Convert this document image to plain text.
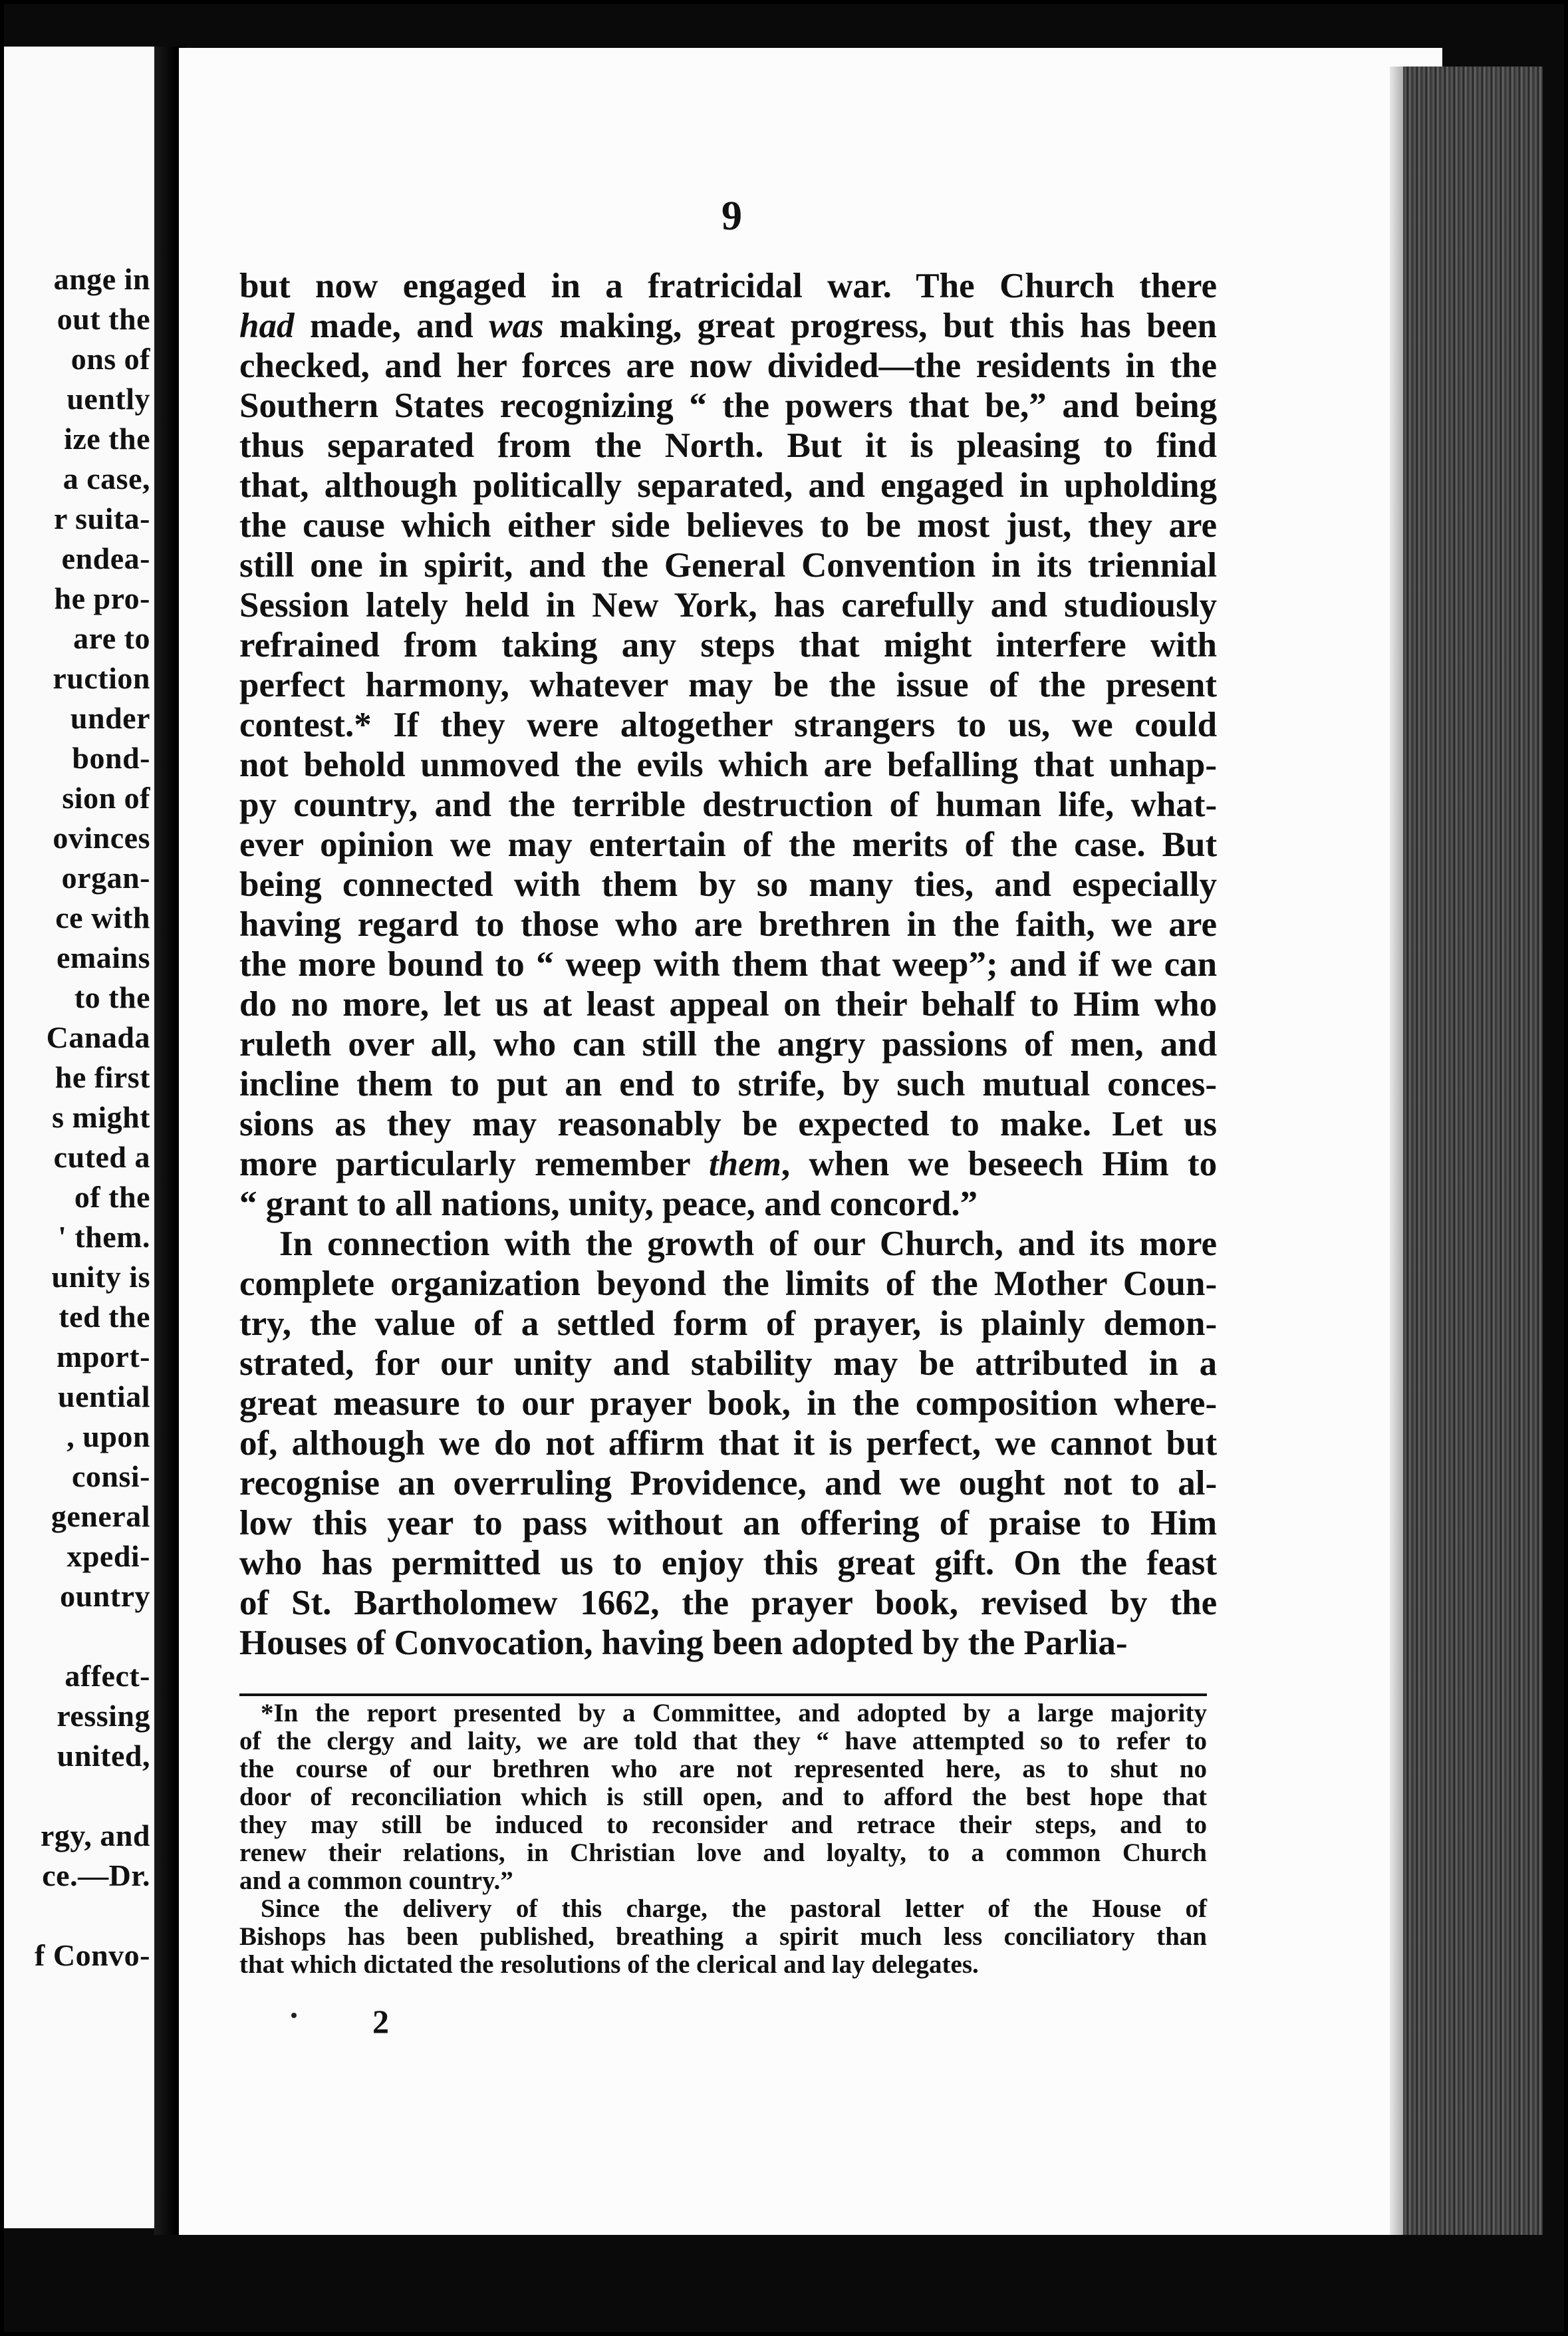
ange in
out the
ons of
uently
ize the
a case,
r suita-
endea-
he pro-
are to
ruction
under
bond-
sion of
ovinces
organ-
ce with
emains
to the
Canada
he first
s might
cuted a
of the
' them.
unity is
ted the
mport-
uential
, upon
consi-
general
xpedi-
ountry
affect-
ressing
united,
rgy, and
ce.—Dr.
f Convo-
9
but now engaged in a fratricidal war. The Church there
had made, and was making, great progress, but this has been
checked, and her forces are now divided—the residents in the
Southern States recognizing “ the powers that be,” and being
thus separated from the North. But it is pleasing to find
that, although politically separated, and engaged in upholding
the cause which either side believes to be most just, they are
still one in spirit, and the General Convention in its triennial
Session lately held in New York, has carefully and studiously
refrained from taking any steps that might interfere with
perfect harmony, whatever may be the issue of the present
contest.* If they were altogether strangers to us, we could
not behold unmoved the evils which are befalling that unhap-
py country, and the terrible destruction of human life, what-
ever opinion we may entertain of the merits of the case. But
being connected with them by so many ties, and especially
having regard to those who are brethren in the faith, we are
the more bound to “ weep with them that weep”; and if we can
do no more, let us at least appeal on their behalf to Him who
ruleth over all, who can still the angry passions of men, and
incline them to put an end to strife, by such mutual conces-
sions as they may reasonably be expected to make. Let us
more particularly remember them, when we beseech Him to
“ grant to all nations, unity, peace, and concord.”
In connection with the growth of our Church, and its more
complete organization beyond the limits of the Mother Coun-
try, the value of a settled form of prayer, is plainly demon-
strated, for our unity and stability may be attributed in a
great measure to our prayer book, in the composition where-
of, although we do not affirm that it is perfect, we cannot but
recognise an overruling Providence, and we ought not to al-
low this year to pass without an offering of praise to Him
who has permitted us to enjoy this great gift. On the feast
of St. Bartholomew 1662, the prayer book, revised by the
Houses of Convocation, having been adopted by the Parlia-
*In the report presented by a Committee, and adopted by a large majority
of the clergy and laity, we are told that they “ have attempted so to refer to
the course of our brethren who are not represented here, as to shut no
door of reconciliation which is still open, and to afford the best hope that
they may still be induced to reconsider and retrace their steps, and to
renew their relations, in Christian love and loyalty, to a common Church
and a common country.”
Since the delivery of this charge, the pastoral letter of the House of
Bishops has been published, breathing a spirit much less conciliatory than
that which dictated the resolutions of the clerical and lay delegates.
2
